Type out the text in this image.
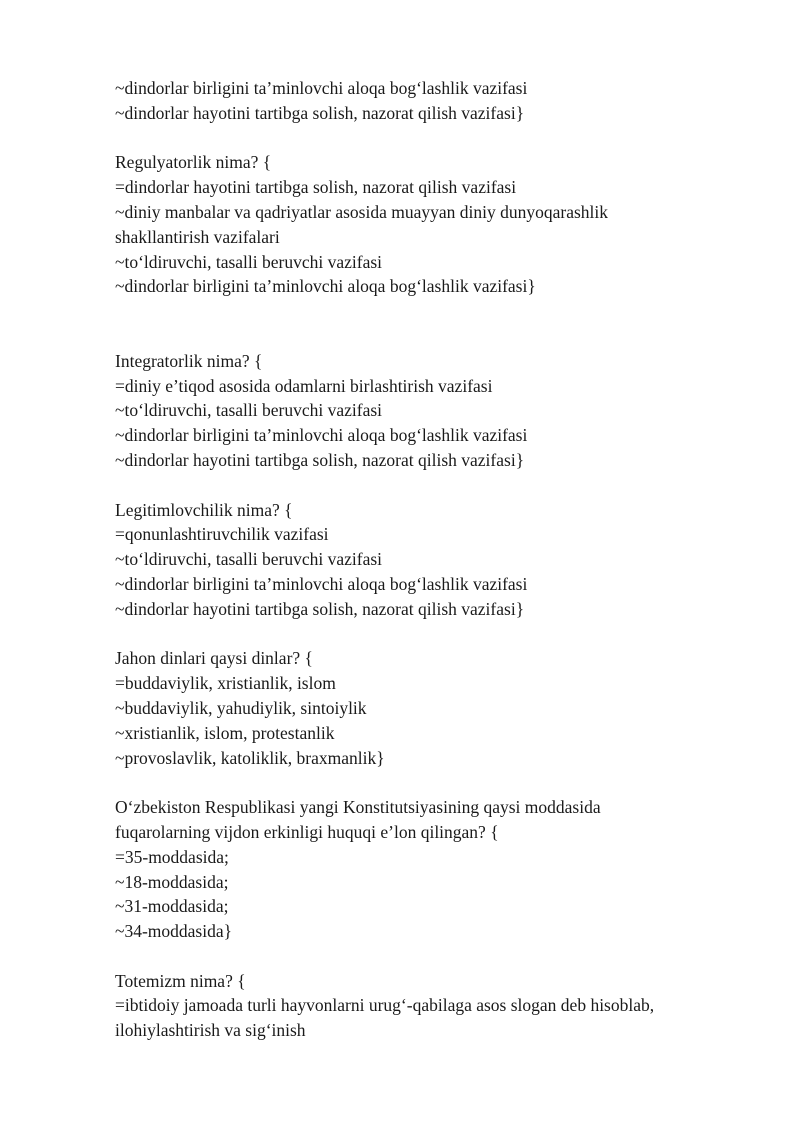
~dindorlar birligini ta’minlovchi aloqa bog‘lashlik vazifasi
~dindorlar hayotini tartibga solish, nazorat qilish vazifasi}
Regulyatorlik nima? {
=dindorlar hayotini tartibga solish, nazorat qilish vazifasi
~diniy manbalar va qadriyatlar asosida muayyan diniy dunyoqarashlik
shakllantirish vazifalari
~to‘ldiruvchi, tasalli beruvchi vazifasi
~dindorlar birligini ta’minlovchi aloqa bog‘lashlik vazifasi}
Integratorlik nima? {
=diniy e’tiqod asosida odamlarni birlashtirish vazifasi
~to‘ldiruvchi, tasalli beruvchi vazifasi
~dindorlar birligini ta’minlovchi aloqa bog‘lashlik vazifasi
~dindorlar hayotini tartibga solish, nazorat qilish vazifasi}
Legitimlovchilik nima? {
=qonunlashtiruvchilik vazifasi
~to‘ldiruvchi, tasalli beruvchi vazifasi
~dindorlar birligini ta’minlovchi aloqa bog‘lashlik vazifasi
~dindorlar hayotini tartibga solish, nazorat qilish vazifasi}
Jahon dinlari qaysi dinlar? {
=buddaviylik, xristianlik, islom
~buddaviylik, yahudiylik, sintoiylik
~xristianlik, islom, protestanlik
~provoslavlik, katoliklik, braxmanlik}
O‘zbekiston Respublikasi yangi Konstitutsiyasining qaysi moddasida
fuqarolarning vijdon erkinligi huquqi e’lon qilingan? {
=35-moddasida;
~18-moddasida;
~31-moddasida;
~34-moddasida}
Totemizm nima? {
=ibtidoiy jamoada turli hayvonlarni urug‘-qabilaga asos slogan deb hisoblab,
ilohiylashtirish va sig‘inish
